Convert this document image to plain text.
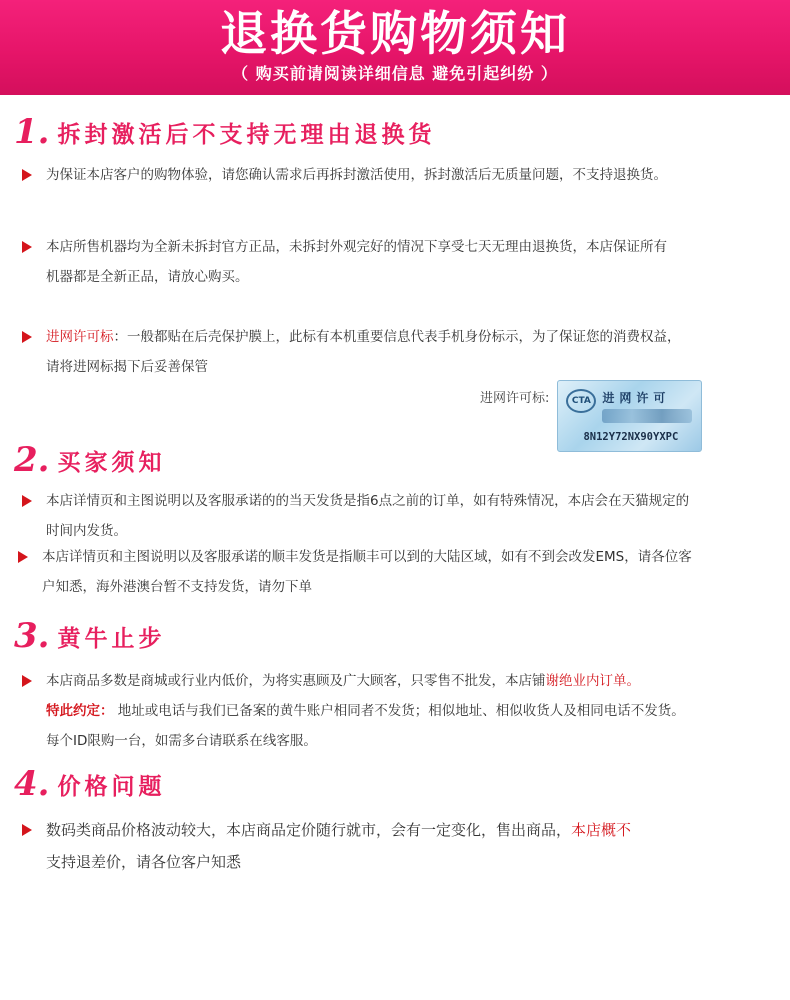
退换货购物须知
（ 购买前请阅读详细信息 避免引起纠纷 ）
1. 拆封激活后不支持无理由退换货
为保证本店客户的购物体验，请您确认需求后再拆封激活使用，拆封激活后无质量问题，不支持退换货。
本店所售机器均为全新未拆封官方正品，未拆封外观完好的情况下享受七天无理由退换货，本店保证所有
机器都是全新正品，请放心购买。
进网许可标：一般都贴在后壳保护膜上，此标有本机重要信息代表手机身份标示，为了保证您的消费权益，
请将进网标揭下后妥善保管
进网许可标:	CTA 进网许可
8N12Y72NX90YXPC
2. 买家须知
本店详情页和主图说明以及客服承诺的的当天发货是指6点之前的订单，如有特殊情况，本店会在天猫规定的
时间内发货。
本店详情页和主图说明以及客服承诺的顺丰发货是指顺丰可以到的大陆区域，如有不到会改发EMS，请各位客
户知悉，海外港澳台暂不支持发货，请勿下单
3. 黄牛止步
本店商品多数是商城或行业内低价，为将实惠顾及广大顾客，只零售不批发，本店铺谢绝业内订单。
特此约定： 地址或电话与我们已备案的黄牛账户相同者不发货；相似地址、相似收货人及相同电话不发货。
每个ID限购一台，如需多台请联系在线客服。
4. 价格问题
数码类商品价格波动较大，本店商品定价随行就市，会有一定变化，售出商品，本店概不
支持退差价，请各位客户知悉
